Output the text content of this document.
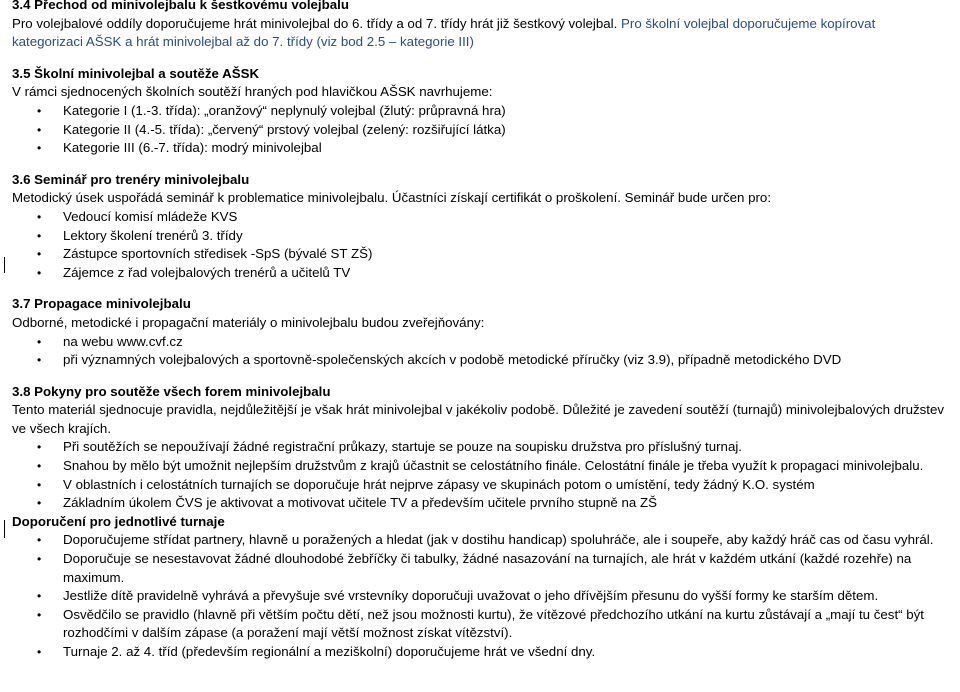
3.4 Přechod od minivolejbalu k šestkovému volejbalu
Pro volejbalové oddíly doporučujeme hrát minivolejbal do 6. třídy a od 7. třídy hrát již šestkový volejbal. Pro školní volejbal doporučujeme kopírovat
kategorizaci AŠSK a hrát minivolejbal až do 7. třídy (viz bod 2.5 – kategorie III)
3.5 Školní minivolejbal a soutěže AŠSK
V rámci sjednocených školních soutěží hraných pod hlavičkou AŠSK navrhujeme:
• Kategorie I (1.-3. třída): „oranžový“ neplynulý volejbal (žlutý: průpravná hra)
• Kategorie II (4.-5. třída): „červený“ prstový volejbal (zelený: rozšiřující látka)
• Kategorie III (6.-7. třída): modrý minivolejbal
3.6 Seminář pro trenéry minivolejbalu
Metodický úsek uspořádá seminář k problematice minivolejbalu. Účastníci získají certifikát o proškolení. Seminář bude určen pro:
• Vedoucí komisí mládeže KVS
• Lektory školení trenérů 3. třídy
• Zástupce sportovních středisek -SpS (bývalé ST ZŠ)
• Zájemce z řad volejbalových trenérů a učitelů TV
3.7 Propagace minivolejbalu
Odborné, metodické i propagační materiály o minivolejbalu budou zveřejňovány:
• na webu www.cvf.cz
• při významných volejbalových a sportovně-společenských akcích v podobě metodické příručky (viz 3.9), případně metodického DVD
3.8 Pokyny pro soutěže všech forem minivolejbalu
Tento materiál sjednocuje pravidla, nejdůležitější je však hrát minivolejbal v jakékoliv podobě. Důležité je zavedení soutěží (turnajů) minivolejbalových družstev ve všech krajích.
• Při soutěžích se nepoužívají žádné registrační průkazy, startuje se pouze na soupisku družstva pro příslušný turnaj.
• Snahou by mělo být umožnit nejlepším družstvům z krajů účastnit se celostátního finále. Celostátní finále je třeba využít k propagaci minivolejbalu.
• V oblastních i celostátních turnajích se doporučuje hrát nejprve zápasy ve skupinách potom o umístění, tedy žádný K.O. systém
• Základním úkolem ČVS je aktivovat a motivovat učitele TV a především učitele prvního stupně na ZŠ
Doporučení pro jednotlivé turnaje
• Doporučujeme střídat partnery, hlavně u poražených a hledat (jak v dostihu handicap) spoluhráče, ale i soupeře, aby každý hráč cas od času vyhrál.
• Doporučuje se nesestavovat žádné dlouhodobé žebříčky či tabulky, žádné nasazování na turnajích, ale hrát v každém utkání (každé rozehře) na maximum.
• Jestliže dítě pravidelně vyhrává a převyšuje své vrstevníky doporučuji uvažovat o jeho dřívějším přesunu do vyšší formy ke starším dětem.
• Osvědčilo se pravidlo (hlavně při větším počtu dětí, než jsou možnosti kurtu), že vítězové předchozího utkání na kurtu zůstávají a „mají tu čest“ být rozhodčími v dalším zápase (a poražení mají větší možnost získat vítězství).
• Turnaje 2. až 4. tříd (především regionální a meziškolní) doporučujeme hrát ve všední dny.
